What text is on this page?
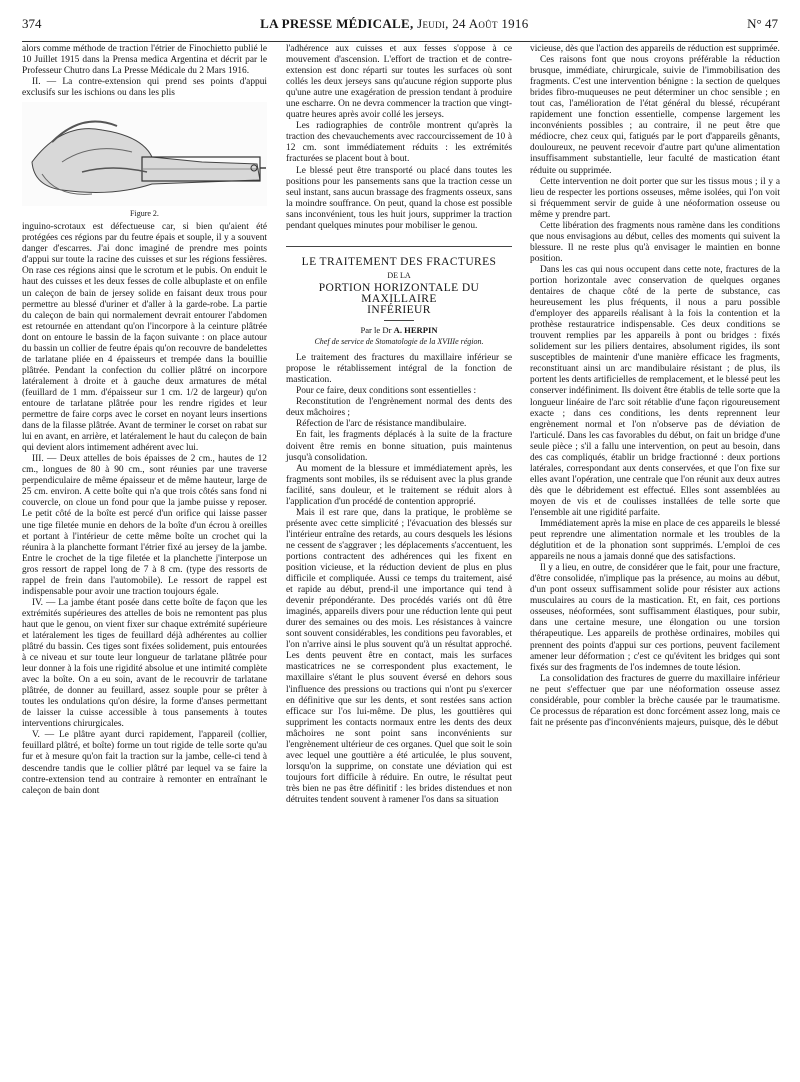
374	LA PRESSE MÉDICALE, Jeudi, 24 Août 1916	N° 47

alors comme méthode de traction l'étrier de Finochietto publié le 10 Juillet 1915 dans la Prensa medica Argentina et décrit par le Professeur Chutro dans La Presse Médicale du 2 Mars 1916.

II. — La contre-extension qui prend ses points d'appui exclusifs sur les ischions ou dans les plis

Figure 2.

inguino-scrotaux est défectueuse car, si bien qu'aient été protégées ces régions par du feutre épais et souple, il y a souvent danger d'escarres. J'ai donc imaginé de prendre mes points d'appui sur toute la racine des cuisses et sur les régions fessières. On rase ces régions ainsi que le scrotum et le pubis. On enduit le haut des cuisses et les deux fesses de colle albuplaste et on enfile un caleçon de bain de jersey solide en faisant deux trous pour permettre au blessé d'uriner et d'aller à la garde-robe. La partie du caleçon de bain qui normalement devrait entourer l'abdomen est retournée en attendant qu'on l'incorpore à la ceinture plâtrée dont on entoure le bassin de la façon suivante : on place autour du bassin un collier de feutre épais qu'on recouvre de bandelettes de tarlatane pliée en 4 épaisseurs et trempée dans la bouillie plâtrée. Pendant la confection du collier plâtré on incorpore latéralement à droite et à gauche deux armatures de métal (feuillard de 1 mm. d'épaisseur sur 1 cm. 1/2 de largeur) qu'on entoure de tarlatane plâtrée pour les rendre rigides et leur permettre de faire corps avec le corset en noyant leurs insertions dans de la filasse plâtrée. Avant de terminer le corset on rabat sur lui en avant, en arrière, et latéralement le haut du caleçon de bain qui devient alors intimement adhérent avec lui.

III. — Deux attelles de bois épaisses de 2 cm., hautes de 12 cm., longues de 80 à 90 cm., sont réunies par une traverse perpendiculaire de même épaisseur et de même hauteur, large de 25 cm. environ. A cette boîte qui n'a que trois côtés sans fond ni couvercle, on cloue un fond pour que la jambe puisse y reposer. Le petit côté de la boîte est percé d'un orifice qui laisse passer une tige filetée munie en dehors de la boîte d'un écrou à oreilles et portant à l'intérieur de cette même boîte un crochet qui la réunira à la planchette formant l'étrier fixé au jersey de la jambe. Entre le crochet de la tige filetée et la planchette j'interpose un gros ressort de rappel long de 7 à 8 cm. (type des ressorts de rappel de frein dans l'automobile). Le ressort de rappel est indispensable pour avoir une traction toujours égale.

IV. — La jambe étant posée dans cette boîte de façon que les extrémités supérieures des attelles de bois ne remontent pas plus haut que le genou, on vient fixer sur chaque extrémité supérieure et latéralement les tiges de feuillard déjà adhérentes au collier plâtré du bassin. Ces tiges sont fixées solidement, puis entourées à ce niveau et sur toute leur longueur de tarlatane plâtrée pour leur donner à la fois une rigidité absolue et une intimité complète avec la boîte. On a eu soin, avant de le recouvrir de tarlatane plâtrée, de donner au feuillard, assez souple pour se prêter à toutes les ondulations qu'on désire, la forme d'anses permettant de laisser la cuisse accessible à tous pansements à toutes interventions chirurgicales.

V. — Le plâtre ayant durci rapidement, l'appareil (collier, feuillard plâtré, et boîte) forme un tout rigide de telle sorte qu'au fur et à mesure qu'on fait la traction sur la jambe, celle-ci tend à descendre tandis que le collier plâtré par lequel va se faire la contre-extension tend au contraire à remonter en entraînant le caleçon de bain dont

l'adhérence aux cuisses et aux fesses s'oppose à ce mouvement d'ascension. L'effort de traction et de contre-extension est donc réparti sur toutes les surfaces où sont collés les deux jerseys sans qu'aucune région supporte plus qu'une autre une exagération de pression tendant à produire une escharre. On ne devra commencer la traction que vingt-quatre heures après avoir collé les jerseys.

Les radiographies de contrôle montrent qu'après la traction des chevauchements avec raccourcissement de 10 à 12 cm. sont immédiatement réduits : les extrémités fracturées se placent bout à bout.

Le blessé peut être transporté ou placé dans toutes les positions pour les pansements sans que la traction cesse un seul instant, sans aucun brassage des fragments osseux, sans la moindre souffrance. On peut, quand la chose est possible sans inconvénient, tous les huit jours, supprimer la traction pendant quelques minutes pour mobiliser le genou.

LE TRAITEMENT DES FRACTURES
DE LA
PORTION HORIZONTALE DU MAXILLAIRE
INFÉRIEUR
Par le Dr A. HERPIN
Chef de service de Stomatologie de la XVIIIe région.

Le traitement des fractures du maxillaire inférieur se propose le rétablissement intégral de la fonction de mastication.

Pour ce faire, deux conditions sont essentielles :

Reconstitution de l'engrènement normal des dents des deux mâchoires ;

Réfection de l'arc de résistance mandibulaire.

En fait, les fragments déplacés à la suite de la fracture doivent être remis en bonne situation, puis maintenus jusqu'à consolidation.

Au moment de la blessure et immédiatement après, les fragments sont mobiles, ils se réduisent avec la plus grande facilité, sans douleur, et le traitement se réduit alors à l'application d'un procédé de contention approprié.

Mais il est rare que, dans la pratique, le problème se présente avec cette simplicité ; l'évacuation des blessés sur l'intérieur entraîne des retards, au cours desquels les lésions ne cessent de s'aggraver ; les déplacements s'accentuent, les portions contractent des adhérences qui les fixent en position vicieuse, et la réduction devient de plus en plus difficile et compliquée. Aussi ce temps du traitement, aisé et rapide au début, prend-il une importance qui tend à devenir prépondérante. Des procédés variés ont dû être imaginés, appareils divers pour une réduction lente qui peut durer des semaines ou des mois. Les résistances à vaincre sont souvent considérables, les conditions peu favorables, et l'on n'arrive ainsi le plus souvent qu'à un résultat approché. Les dents peuvent être en contact, mais les surfaces masticatrices ne se correspondent plus exactement, le maxillaire s'étant le plus souvent éversé en dehors sous l'influence des pressions ou tractions qui n'ont pu s'exercer en définitive que sur les dents, et sont restées sans action efficace sur l'os lui-même. De plus, les gouttières qui suppriment les contacts normaux entre les dents des deux mâchoires ne sont point sans inconvénients sur l'engrènement ultérieur de ces organes. Quel que soit le soin avec lequel une gouttière a été articulée, le plus souvent, lorsqu'on la supprime, on constate une déviation qui est toujours fort difficile à réduire. En outre, le résultat peut très bien ne pas être définitif : les brides distendues et non détruites tendent souvent à ramener l'os dans sa situation

vicieuse, dès que l'action des appareils de réduction est supprimée.

Ces raisons font que nous croyons préférable la réduction brusque, immédiate, chirurgicale, suivie de l'immobilisation des fragments. C'est une intervention bénigne : la section de quelques brides fibro-muqueuses ne peut déterminer un choc sensible ; en tout cas, l'amélioration de l'état général du blessé, récupérant rapidement une fonction essentielle, compense largement les inconvénients possibles ; au contraire, il ne peut être que médiocre, chez ceux qui, fatigués par le port d'appareils gênants, douloureux, ne peuvent recevoir d'autre part qu'une alimentation insuffisamment substantielle, leur faculté de mastication étant réduite ou supprimée.

Cette intervention ne doit porter que sur les tissus mous ; il y a lieu de respecter les portions osseuses, même isolées, qui l'on voit si fréquemment servir de guide à une néoformation osseuse ou même y prendre part.

Cette libération des fragments nous ramène dans les conditions que nous envisagions au début, celles des moments qui suivent la blessure. Il ne reste plus qu'à envisager le maintien en bonne position.

Dans les cas qui nous occupent dans cette note, fractures de la portion horizontale avec conservation de quelques organes dentaires de chaque côté de la perte de substance, cas heureusement les plus fréquents, il nous a paru possible d'employer des appareils réalisant à la fois la contention et la prothèse restauratrice indispensable. Ces deux conditions se trouvent remplies par les appareils à pont ou bridges : fixés solidement sur les piliers dentaires, absolument rigides, ils sont susceptibles de maintenir d'une manière efficace les fragments, reconstituant ainsi un arc mandibulaire résistant ; de plus, ils portent les dents artificielles de remplacement, et le blessé peut les conserver indéfiniment. Ils doivent être établis de telle sorte que la longueur linéaire de l'arc soit rétablie d'une façon rigoureusement exacte ; dans ces conditions, les dents reprennent leur engrènement normal et l'on n'observe pas de déviation de l'articulé. Dans les cas favorables du début, on fait un bridge d'une seule pièce ; s'il a fallu une intervention, on peut au besoin, dans des cas compliqués, établir un bridge fractionné : deux portions latérales, correspondant aux dents conservées, et que l'on fixe sur elles avant l'opération, une centrale que l'on réunit aux deux autres dès que le débridement est effectué. Elles sont assemblées au moyen de vis et de coulisses installées de telle sorte que l'ensemble ait une rigidité parfaite.

Immédiatement après la mise en place de ces appareils le blessé peut reprendre une alimentation normale et les troubles de la déglutition et de la phonation sont supprimés. L'emploi de ces appareils ne nous a jamais donné que des satisfactions.

Il y a lieu, en outre, de considérer que le fait, pour une fracture, d'être consolidée, n'implique pas la présence, au moins au début, d'un pont osseux suffisamment solide pour résister aux actions musculaires au cours de la mastication. Et, en fait, ces portions osseuses, néoformées, sont suffisamment élastiques, pour subir, dans une certaine mesure, une élongation ou une torsion thérapeutique. Les appareils de prothèse ordinaires, mobiles qui prennent des points d'appui sur ces portions, peuvent facilement amener leur déformation ; c'est ce qu'évitent les bridges qui sont fixés sur des fragments de l'os indemnes de toute lésion.

La consolidation des fractures de guerre du maxillaire inférieur ne peut s'effectuer que par une néoformation osseuse assez considérable, pour combler la brèche causée par le traumatisme. Ce processus de réparation est donc forcément assez long, mais ce fait ne présente pas d'inconvénients majeurs, puisque, dès le début
